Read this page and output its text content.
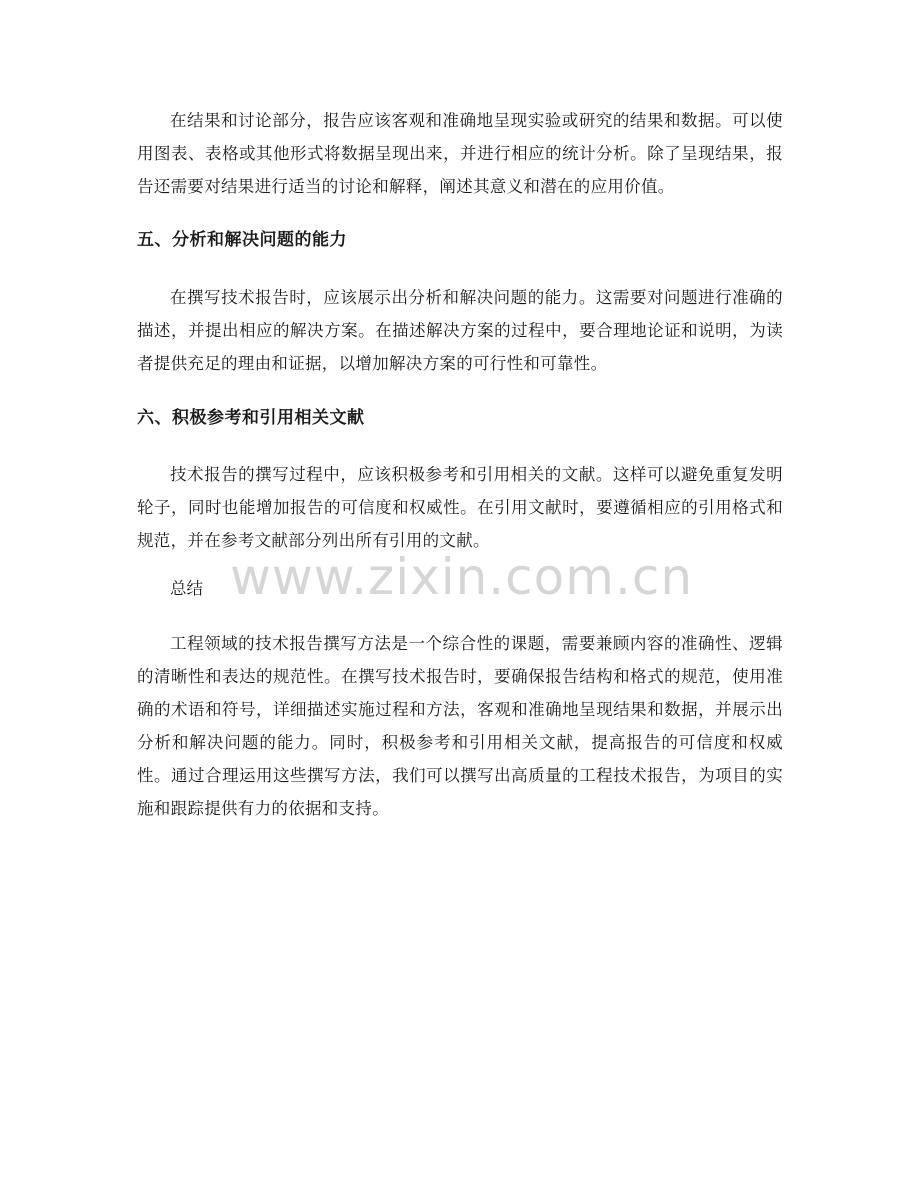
在结果和讨论部分，报告应该客观和准确地呈现实验或研究的结果和数据。可以使用图表、表格或其他形式将数据呈现出来，并进行相应的统计分析。除了呈现结果，报告还需要对结果进行适当的讨论和解释，阐述其意义和潜在的应用价值。

五、分析和解决问题的能力

在撰写技术报告时，应该展示出分析和解决问题的能力。这需要对问题进行准确的描述，并提出相应的解决方案。在描述解决方案的过程中，要合理地论证和说明，为读者提供充足的理由和证据，以增加解决方案的可行性和可靠性。

六、积极参考和引用相关文献

技术报告的撰写过程中，应该积极参考和引用相关的文献。这样可以避免重复发明轮子，同时也能增加报告的可信度和权威性。在引用文献时，要遵循相应的引用格式和规范，并在参考文献部分列出所有引用的文献。

总结

工程领域的技术报告撰写方法是一个综合性的课题，需要兼顾内容的准确性、逻辑的清晰性和表达的规范性。在撰写技术报告时，要确保报告结构和格式的规范，使用准确的术语和符号，详细描述实施过程和方法，客观和准确地呈现结果和数据，并展示出分析和解决问题的能力。同时，积极参考和引用相关文献，提高报告的可信度和权威性。通过合理运用这些撰写方法，我们可以撰写出高质量的工程技术报告，为项目的实施和跟踪提供有力的依据和支持。

www.zixin.com.cn
